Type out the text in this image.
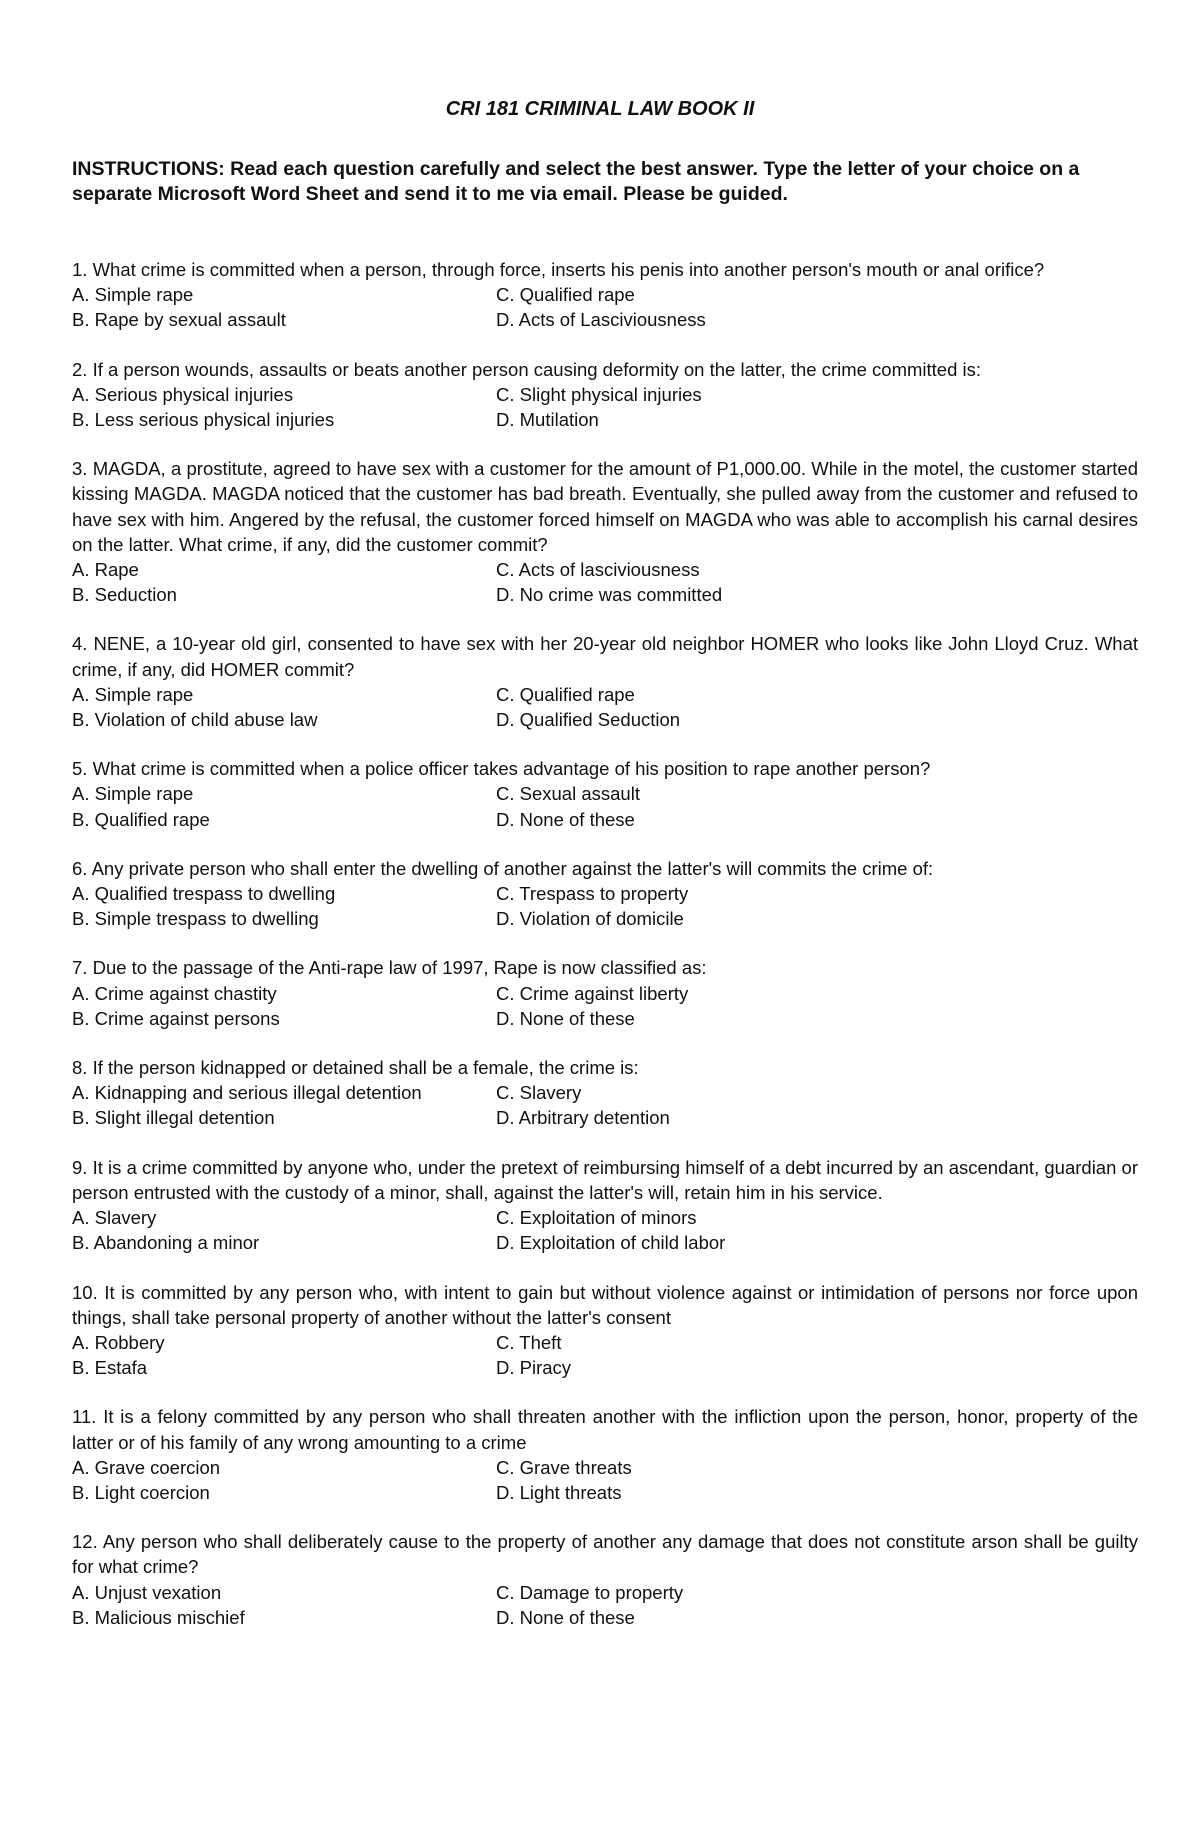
CRI 181 CRIMINAL LAW BOOK II
INSTRUCTIONS: Read each question carefully and select the best answer. Type the letter of your choice on a separate Microsoft Word Sheet and send it to me via email. Please be guided.
1. What crime is committed when a person, through force, inserts his penis into another person's mouth or anal orifice?
A. Simple rape	C. Qualified rape
B. Rape by sexual assault	D. Acts of Lasciviousness
2. If a person wounds, assaults or beats another person causing deformity on the latter, the crime committed is:
A. Serious physical injuries	C. Slight physical injuries
B. Less serious physical injuries	D. Mutilation
3. MAGDA, a prostitute, agreed to have sex with a customer for the amount of P1,000.00. While in the motel, the customer started kissing MAGDA. MAGDA noticed that the customer has bad breath. Eventually, she pulled away from the customer and refused to have sex with him. Angered by the refusal, the customer forced himself on MAGDA who was able to accomplish his carnal desires on the latter. What crime, if any, did the customer commit?
A. Rape	C. Acts of lasciviousness
B. Seduction	D. No crime was committed
4. NENE, a 10-year old girl, consented to have sex with her 20-year old neighbor HOMER who looks like John Lloyd Cruz. What crime, if any, did HOMER commit?
A. Simple rape	C. Qualified rape
B. Violation of child abuse law	D. Qualified Seduction
5. What crime is committed when a police officer takes advantage of his position to rape another person?
A. Simple rape	C. Sexual assault
B. Qualified rape	D. None of these
6. Any private person who shall enter the dwelling of another against the latter's will commits the crime of:
A. Qualified trespass to dwelling	C. Trespass to property
B. Simple trespass to dwelling	D. Violation of domicile
7. Due to the passage of the Anti-rape law of 1997, Rape is now classified as:
A. Crime against chastity	C. Crime against liberty
B. Crime against persons	D. None of these
8. If the person kidnapped or detained shall be a female, the crime is:
A. Kidnapping and serious illegal detention	C. Slavery
B. Slight illegal detention	D. Arbitrary detention
9. It is a crime committed by anyone who, under the pretext of reimbursing himself of a debt incurred by an ascendant, guardian or person entrusted with the custody of a minor, shall, against the latter's will, retain him in his service.
A. Slavery	C. Exploitation of minors
B. Abandoning a minor	D. Exploitation of child labor
10. It is committed by any person who, with intent to gain but without violence against or intimidation of persons nor force upon things, shall take personal property of another without the latter's consent
A. Robbery	C. Theft
B. Estafa	D. Piracy
11. It is a felony committed by any person who shall threaten another with the infliction upon the person, honor, property of the latter or of his family of any wrong amounting to a crime
A. Grave coercion	C. Grave threats
B. Light coercion	D. Light threats
12. Any person who shall deliberately cause to the property of another any damage that does not constitute arson shall be guilty for what crime?
A. Unjust vexation	C. Damage to property
B. Malicious mischief	D. None of these
